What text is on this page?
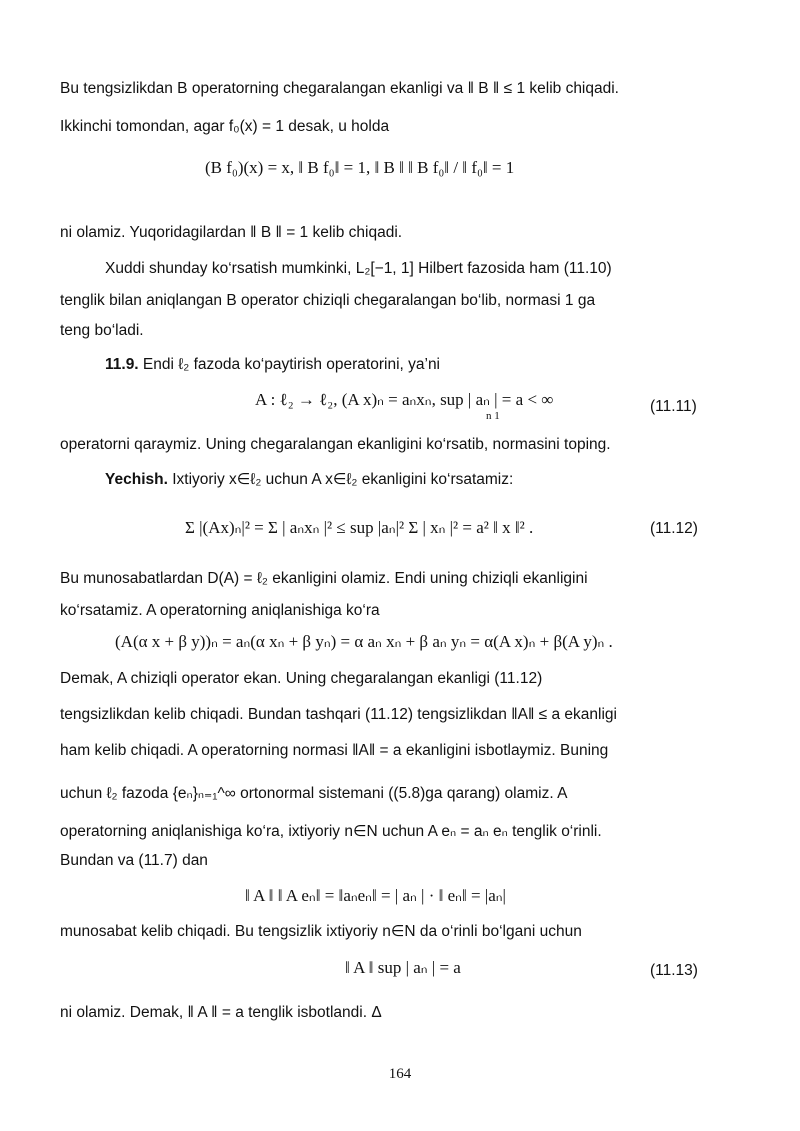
Bu tengsizlikdan B operatorning chegaralangan ekanligi va ‖ B ‖ ≤ 1 kelib chiqadi.
Ikkinchi tomondan, agar f₀(x) = 1 desak, u holda
(B f₀)(x) = x, ‖ B f₀‖ = 1, ‖ B ‖ ‖ B f₀‖ / ‖ f₀‖ = 1
ni olamiz. Yuqoridagilardan ‖ B ‖ = 1 kelib chiqadi.
Xuddi shunday ko‘rsatish mumkinki, L₂[−1, 1] Hilbert fazosida ham (11.10)
tenglik bilan aniqlangan B operator chiziqli chegaralangan bo‘lib, normasi 1 ga
teng bo‘ladi.
11.9. Endi ℓ₂ fazoda ko‘paytirish operatorini, ya’ni
A : ℓ₂ → ℓ₂, (A x)ₙ = aₙxₙ, sup | aₙ | = a < ∞
n 1
(11.11)
operatorni qaraymiz. Uning chegaralangan ekanligini ko‘rsatib, normasini toping.
Yechish. Ixtiyoriy x∈ℓ₂ uchun A x∈ℓ₂ ekanligini ko‘rsatamiz:
Σ |(Ax)ₙ|² = Σ | aₙxₙ |² ≤ sup |aₙ|² Σ | xₙ |² = a² ‖ x ‖² .	(11.12)
Bu munosabatlardan D(A) = ℓ₂ ekanligini olamiz. Endi uning chiziqli ekanligini
ko‘rsatamiz. A operatorning aniqlanishiga ko‘ra
(A(α x + β y))ₙ = aₙ(α xₙ + β yₙ) = α aₙ xₙ + β aₙ yₙ = α(A x)ₙ + β(A y)ₙ .
Demak, A chiziqli operator ekan. Uning chegaralangan ekanligi (11.12)
tengsizlikdan kelib chiqadi. Bundan tashqari (11.12) tengsizlikdan ‖A‖ ≤ a ekanligi
ham kelib chiqadi. A operatorning normasi ‖A‖ = a ekanligini isbotlaymiz. Buning
uchun ℓ₂ fazoda {eₙ}ₙ₌₁^∞ ortonormal sistemani ((5.8)ga qarang) olamiz. A
operatorning aniqlanishiga ko‘ra, ixtiyoriy n∈N uchun A eₙ = aₙ eₙ tenglik o‘rinli.
Bundan va (11.7) dan
‖ A ‖ ‖ A eₙ‖ = ‖aₙeₙ‖ = | aₙ | · ‖ eₙ‖ = |aₙ|
munosabat kelib chiqadi. Bu tengsizlik ixtiyoriy n∈N da o‘rinli bo‘lgani uchun
‖ A ‖ sup | aₙ | = a	(11.13)
ni olamiz. Demak, ‖ A ‖ = a tenglik isbotlandi. Δ
164
